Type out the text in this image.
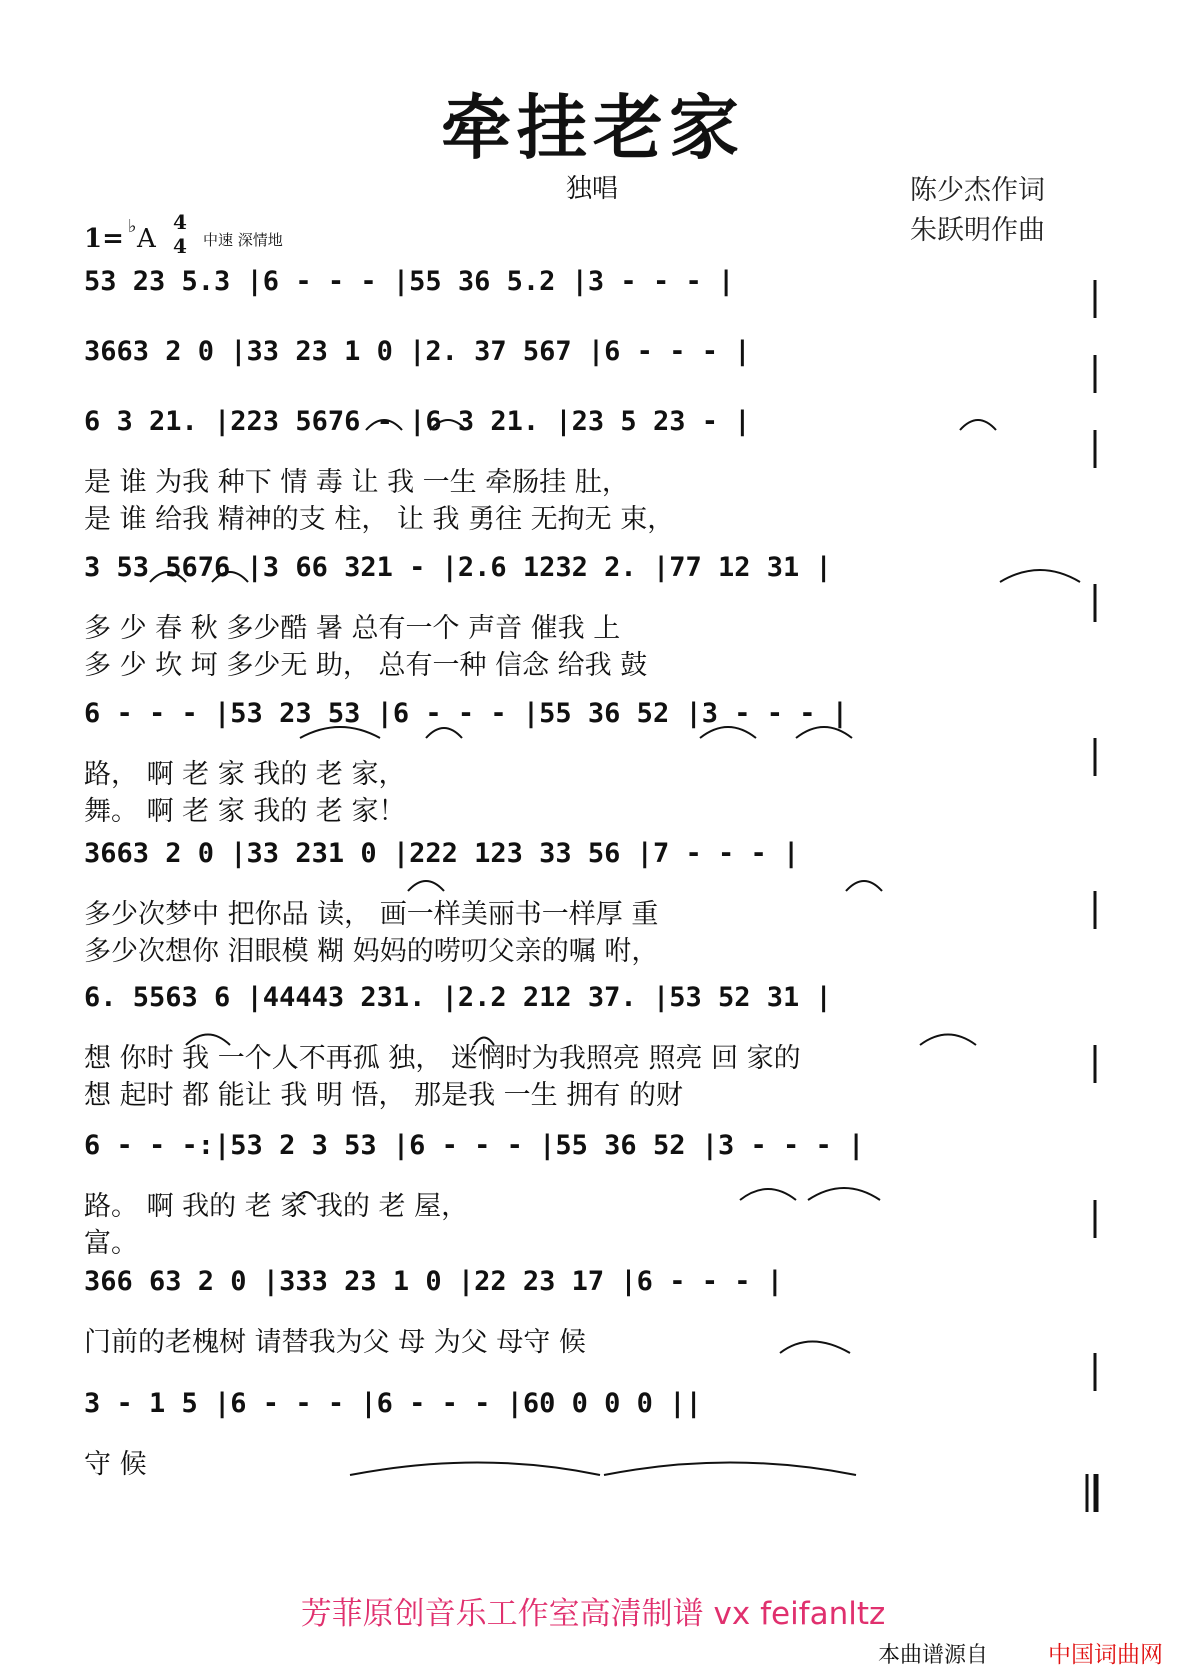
牵挂老家
独唱	陈少杰作词
朱跃明作曲
1= ♭ A
4
4 中速 深情地
53 23 5.3 |6 - - - |55 36 5.2 |3 - - - |
3663 2 0 |33 23 1 0 |2. 37 567 |6 - - - |
6 3 21. |223 5676 - |6 3 21. |23 5 23 - |
是 谁 为我 种下 情 毒 让 我 一生 牵肠挂 肚，
是 谁 给我 精神的支 柱， 让 我 勇往 无拘无 束，
3 53 5676 |3 66 321 - |2.6 1232 2. |77 12 31 |
多 少 春 秋 多少酷 暑 总有一个 声音 催我 上
多 少 坎 坷 多少无 助， 总有一种 信念 给我 鼓
6 - - - |53 23 53 |6 - - - |55 36 52 |3 - - - |
路， 啊 老 家 我的 老 家，
舞。 啊 老 家 我的 老 家！
3663 2 0 |33 231 0 |222 123 33 56 |7 - - - |
多少次梦中 把你品 读， 画一样美丽书一样厚 重
多少次想你 泪眼模 糊 妈妈的唠叨父亲的嘱 咐，
6. 5563 6 |44443 231. |2.2 212 37. |53 52 31 |
想 你时 我 一个人不再孤 独， 迷惘时为我照亮 照亮 回 家的
想 起时 都 能让 我 明 悟， 那是我 一生 拥有 的财
6 - - -:|53 2 3 53 |6 - - - |55 36 52 |3 - - - |
路。 啊 我的 老 家 我的 老 屋，
富。
366 63 2 0 |333 23 1 0 |22 23 17 |6 - - - |
门前的老槐树 请替我为父 母 为父 母守 候
3 - 1 5 |6 - - - |6 - - - |60 0 0 0 ||
守 候
芳菲原创音乐工作室高清制谱 vx feifanltz
本曲谱源自	中国词曲网
